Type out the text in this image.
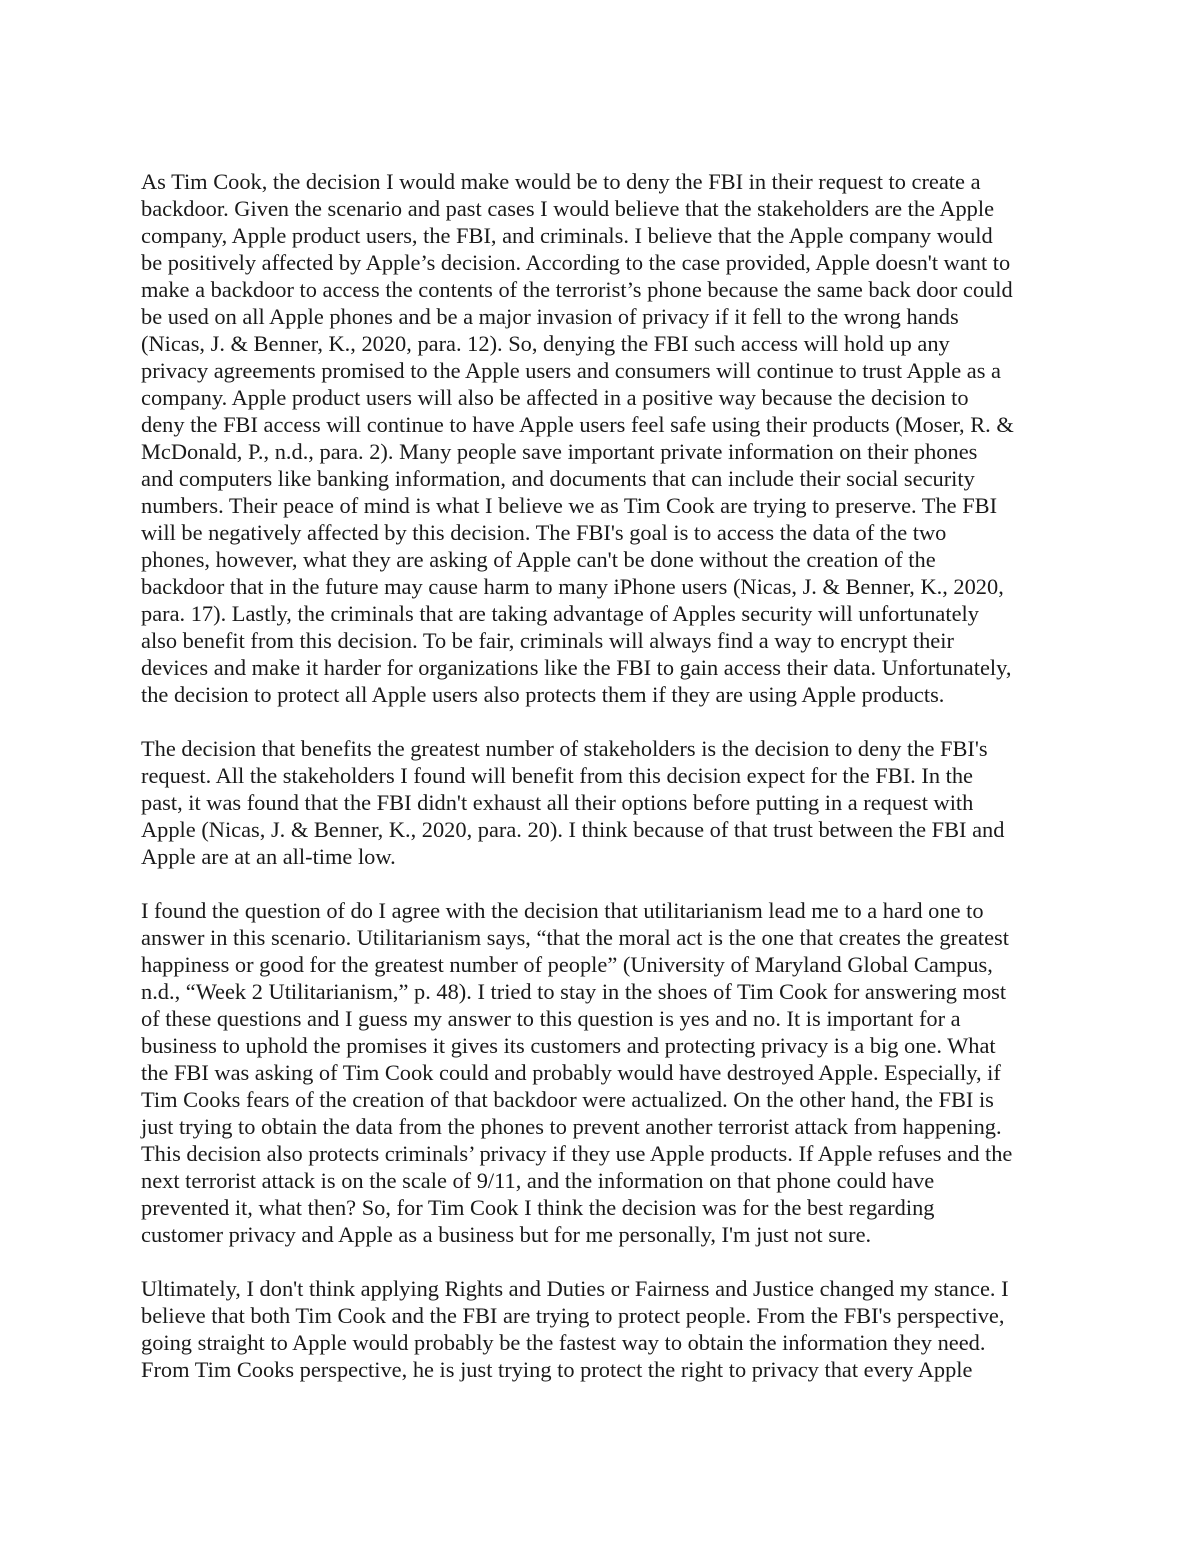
As Tim Cook, the decision I would make would be to deny the FBI in their request to create a
backdoor. Given the scenario and past cases I would believe that the stakeholders are the Apple
company, Apple product users, the FBI, and criminals. I believe that the Apple company would
be positively affected by Apple’s decision. According to the case provided, Apple doesn't want to
make a backdoor to access the contents of the terrorist’s phone because the same back door could
be used on all Apple phones and be a major invasion of privacy if it fell to the wrong hands
(Nicas, J. & Benner, K., 2020, para. 12). So, denying the FBI such access will hold up any
privacy agreements promised to the Apple users and consumers will continue to trust Apple as a
company. Apple product users will also be affected in a positive way because the decision to
deny the FBI access will continue to have Apple users feel safe using their products (Moser, R. &
McDonald, P., n.d., para. 2). Many people save important private information on their phones
and computers like banking information, and documents that can include their social security
numbers. Their peace of mind is what I believe we as Tim Cook are trying to preserve. The FBI
will be negatively affected by this decision. The FBI's goal is to access the data of the two
phones, however, what they are asking of Apple can't be done without the creation of the
backdoor that in the future may cause harm to many iPhone users (Nicas, J. & Benner, K., 2020,
para. 17). Lastly, the criminals that are taking advantage of Apples security will unfortunately
also benefit from this decision. To be fair, criminals will always find a way to encrypt their
devices and make it harder for organizations like the FBI to gain access their data. Unfortunately,
the decision to protect all Apple users also protects them if they are using Apple products.
The decision that benefits the greatest number of stakeholders is the decision to deny the FBI's
request. All the stakeholders I found will benefit from this decision expect for the FBI. In the
past, it was found that the FBI didn't exhaust all their options before putting in a request with
Apple (Nicas, J. & Benner, K., 2020, para. 20). I think because of that trust between the FBI and
Apple are at an all-time low.
I found the question of do I agree with the decision that utilitarianism lead me to a hard one to
answer in this scenario. Utilitarianism says, “that the moral act is the one that creates the greatest
happiness or good for the greatest number of people” (University of Maryland Global Campus,
n.d., “Week 2 Utilitarianism,” p. 48). I tried to stay in the shoes of Tim Cook for answering most
of these questions and I guess my answer to this question is yes and no. It is important for a
business to uphold the promises it gives its customers and protecting privacy is a big one. What
the FBI was asking of Tim Cook could and probably would have destroyed Apple. Especially, if
Tim Cooks fears of the creation of that backdoor were actualized. On the other hand, the FBI is
just trying to obtain the data from the phones to prevent another terrorist attack from happening.
This decision also protects criminals’ privacy if they use Apple products. If Apple refuses and the
next terrorist attack is on the scale of 9/11, and the information on that phone could have
prevented it, what then? So, for Tim Cook I think the decision was for the best regarding
customer privacy and Apple as a business but for me personally, I'm just not sure.
Ultimately, I don't think applying Rights and Duties or Fairness and Justice changed my stance. I
believe that both Tim Cook and the FBI are trying to protect people. From the FBI's perspective,
going straight to Apple would probably be the fastest way to obtain the information they need.
From Tim Cooks perspective, he is just trying to protect the right to privacy that every Apple
